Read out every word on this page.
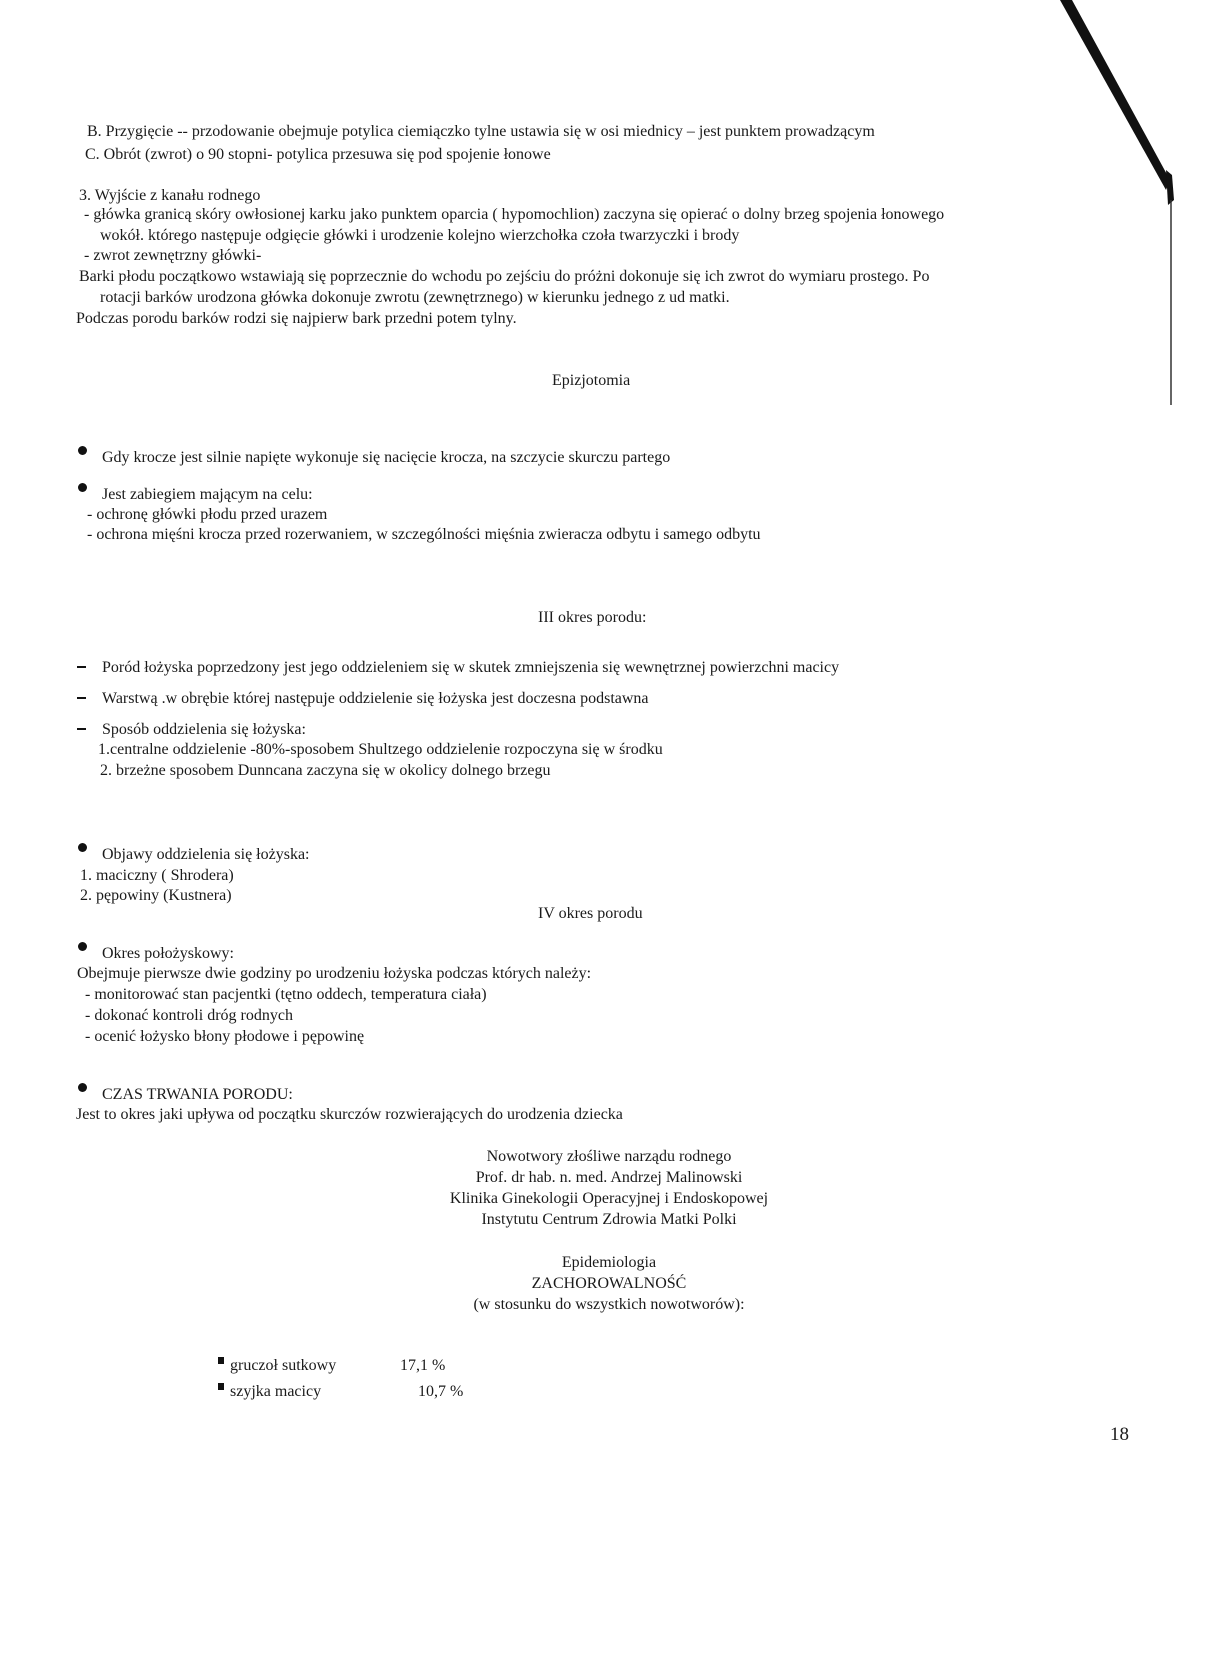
B. Przygięcie -- przodowanie obejmuje potylica ciemiączko tylne ustawia się w osi miednicy – jest punktem prowadzącym
C. Obrót (zwrot) o 90 stopni- potylica przesuwa się pod spojenie łonowe
3. Wyjście z kanału rodnego
- główka granicą skóry owłosionej karku jako punktem oparcia ( hypomochlion) zaczyna się opierać o dolny brzeg spojenia łonowego
wokół. którego następuje odgięcie główki i urodzenie kolejno wierzchołka czoła twarzyczki i brody
- zwrot zewnętrzny główki-
Barki płodu początkowo wstawiają się poprzecznie do wchodu po zejściu do próżni dokonuje się ich zwrot do wymiaru prostego. Po
rotacji barków urodzona główka dokonuje zwrotu (zewnętrznego) w kierunku jednego z ud matki.
Podczas porodu barków rodzi się najpierw bark przedni potem tylny.
Epizjotomia
Gdy krocze jest silnie napięte wykonuje się nacięcie krocza, na szczycie skurczu partego
Jest zabiegiem mającym na celu:
- ochronę główki płodu przed urazem
- ochrona mięśni krocza przed rozerwaniem, w szczególności mięśnia zwieracza odbytu i samego odbytu
III okres porodu:
Poród łożyska poprzedzony jest jego oddzieleniem się w skutek zmniejszenia się wewnętrznej powierzchni macicy
Warstwą .w obrębie której następuje oddzielenie się łożyska jest doczesna podstawna
Sposób oddzielenia się łożyska:
1.centralne oddzielenie -80%-sposobem Shultzego oddzielenie rozpoczyna się w środku
2. brzeżne sposobem Dunncana zaczyna się w okolicy dolnego brzegu
Objawy oddzielenia się łożyska:
1. maciczny ( Shrodera)
2. pępowiny (Kustnera)
IV okres porodu
Okres położyskowy:
Obejmuje pierwsze dwie godziny po urodzeniu łożyska podczas których należy:
- monitorować stan pacjentki (tętno oddech, temperatura ciała)
- dokonać kontroli dróg rodnych
- ocenić łożysko błony płodowe i pępowinę
CZAS TRWANIA PORODU:
Jest to okres jaki upływa od początku skurczów rozwierających do urodzenia dziecka
Nowotwory złośliwe narządu rodnego
Prof. dr hab. n. med. Andrzej Malinowski
Klinika Ginekologii Operacyjnej i Endoskopowej
Instytutu Centrum Zdrowia Matki Polki
Epidemiologia
ZACHOROWALNOŚĆ
(w stosunku do wszystkich nowotworów):
gruczoł sutkowy	17,1 %
szyjka macicy	10,7 %
18
